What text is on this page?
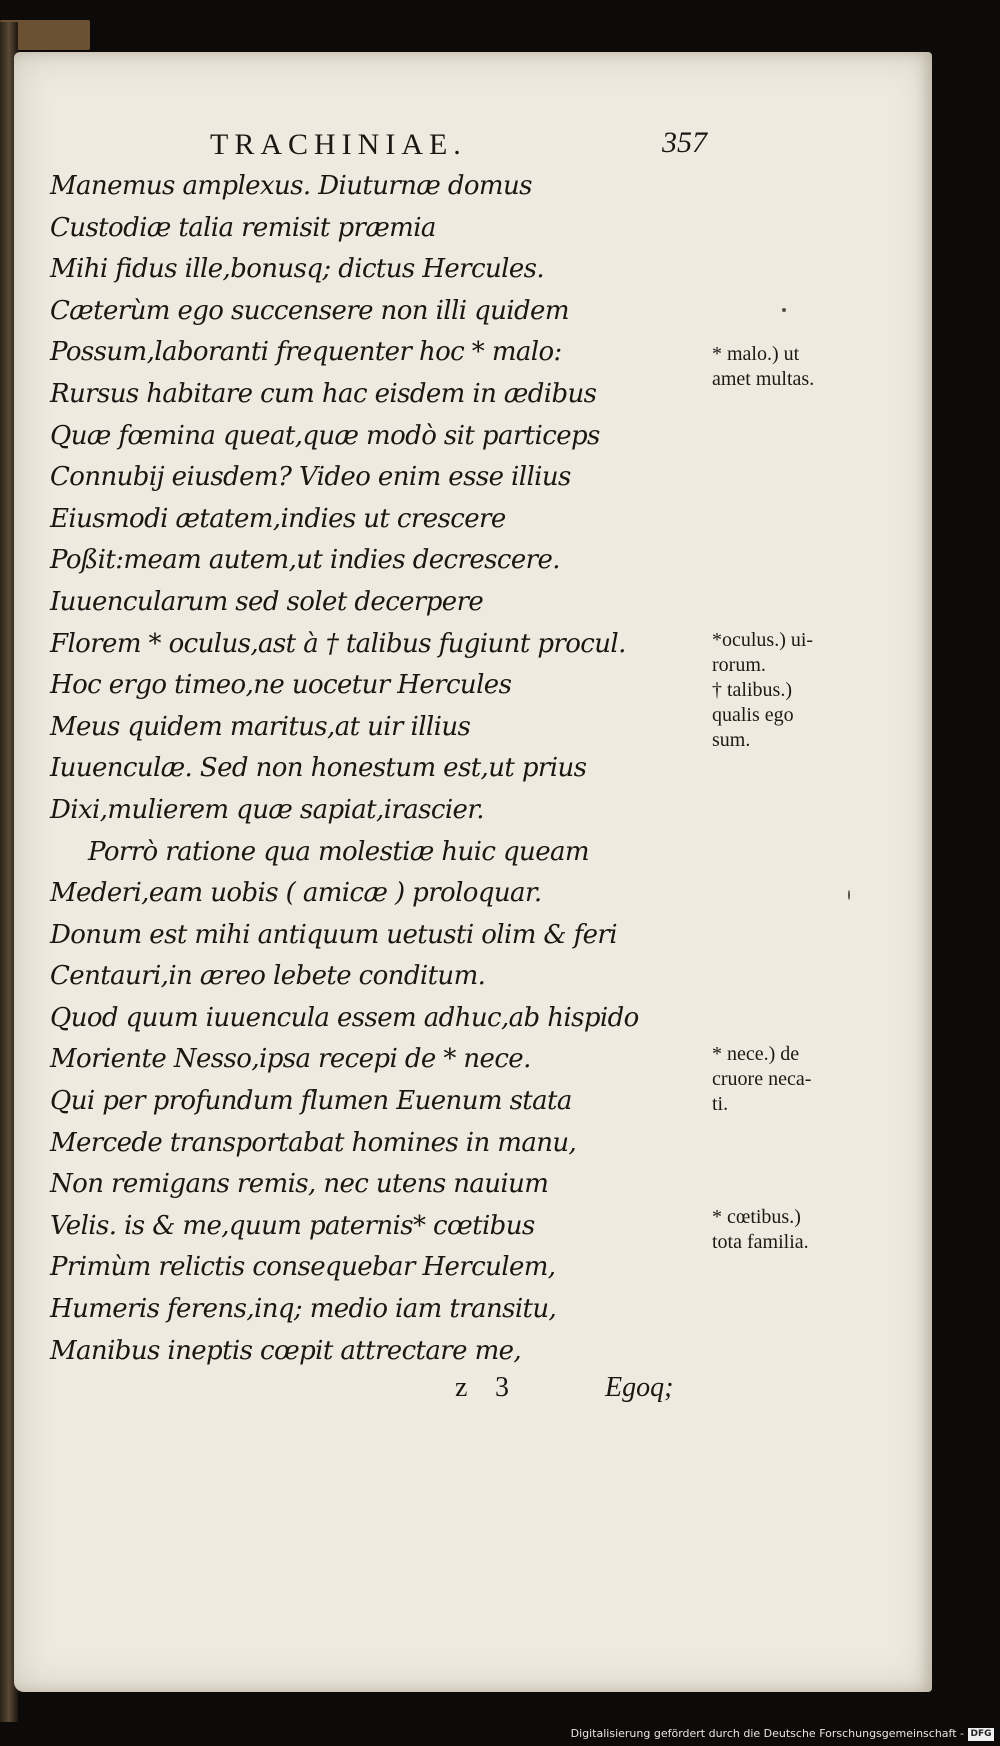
TRACHINIAE.	357
Manemus amplexus. Diuturnæ domus
Custodiæ talia remisit præmia
Mihi fidus ille,bonusq; dictus Hercules.
Cæterùm ego succensere non illi quidem
Possum,laboranti frequenter hoc * malo:
Rursus habitare cum hac eisdem in ædibus
Quæ fœmina queat,quæ modò sit particeps
Connubij eiusdem? Video enim esse illius
Eiusmodi ætatem,indies ut crescere
Poßit:meam autem,ut indies decrescere.
Iuuencularum sed solet decerpere
Florem * oculus,ast à † talibus fugiunt procul.
Hoc ergo timeo,ne uocetur Hercules
Meus quidem maritus,at uir illius
Iuuenculæ. Sed non honestum est,ut prius
Dixi,mulierem quæ sapiat,irascier.
Porrò ratione qua molestiæ huic queam
Mederi,eam uobis ( amicæ ) proloquar.
Donum est mihi antiquum uetusti olim & feri
Centauri,in æreo lebete conditum.
Quod quum iuuencula essem adhuc,ab hispido
Moriente Nesso,ipsa recepi de * nece.
Qui per profundum flumen Euenum stata
Mercede transportabat homines in manu,
Non remigans remis, nec utens nauium
Velis. is & me,quum paternis* cœtibus
Primùm relictis consequebar Herculem,
Humeris ferens,inq; medio iam transitu,
Manibus ineptis cœpit attrectare me,
* malo.) ut
amet multas.
*oculus.) ui-
rorum.
† talibus.)
qualis ego
sum.
* nece.) de
cruore neca-
ti.
* cœtibus.)
tota familia.
z 3	Egoq;
Digitalisierung gefördert durch die Deutsche Forschungsgemeinschaft - DFG
